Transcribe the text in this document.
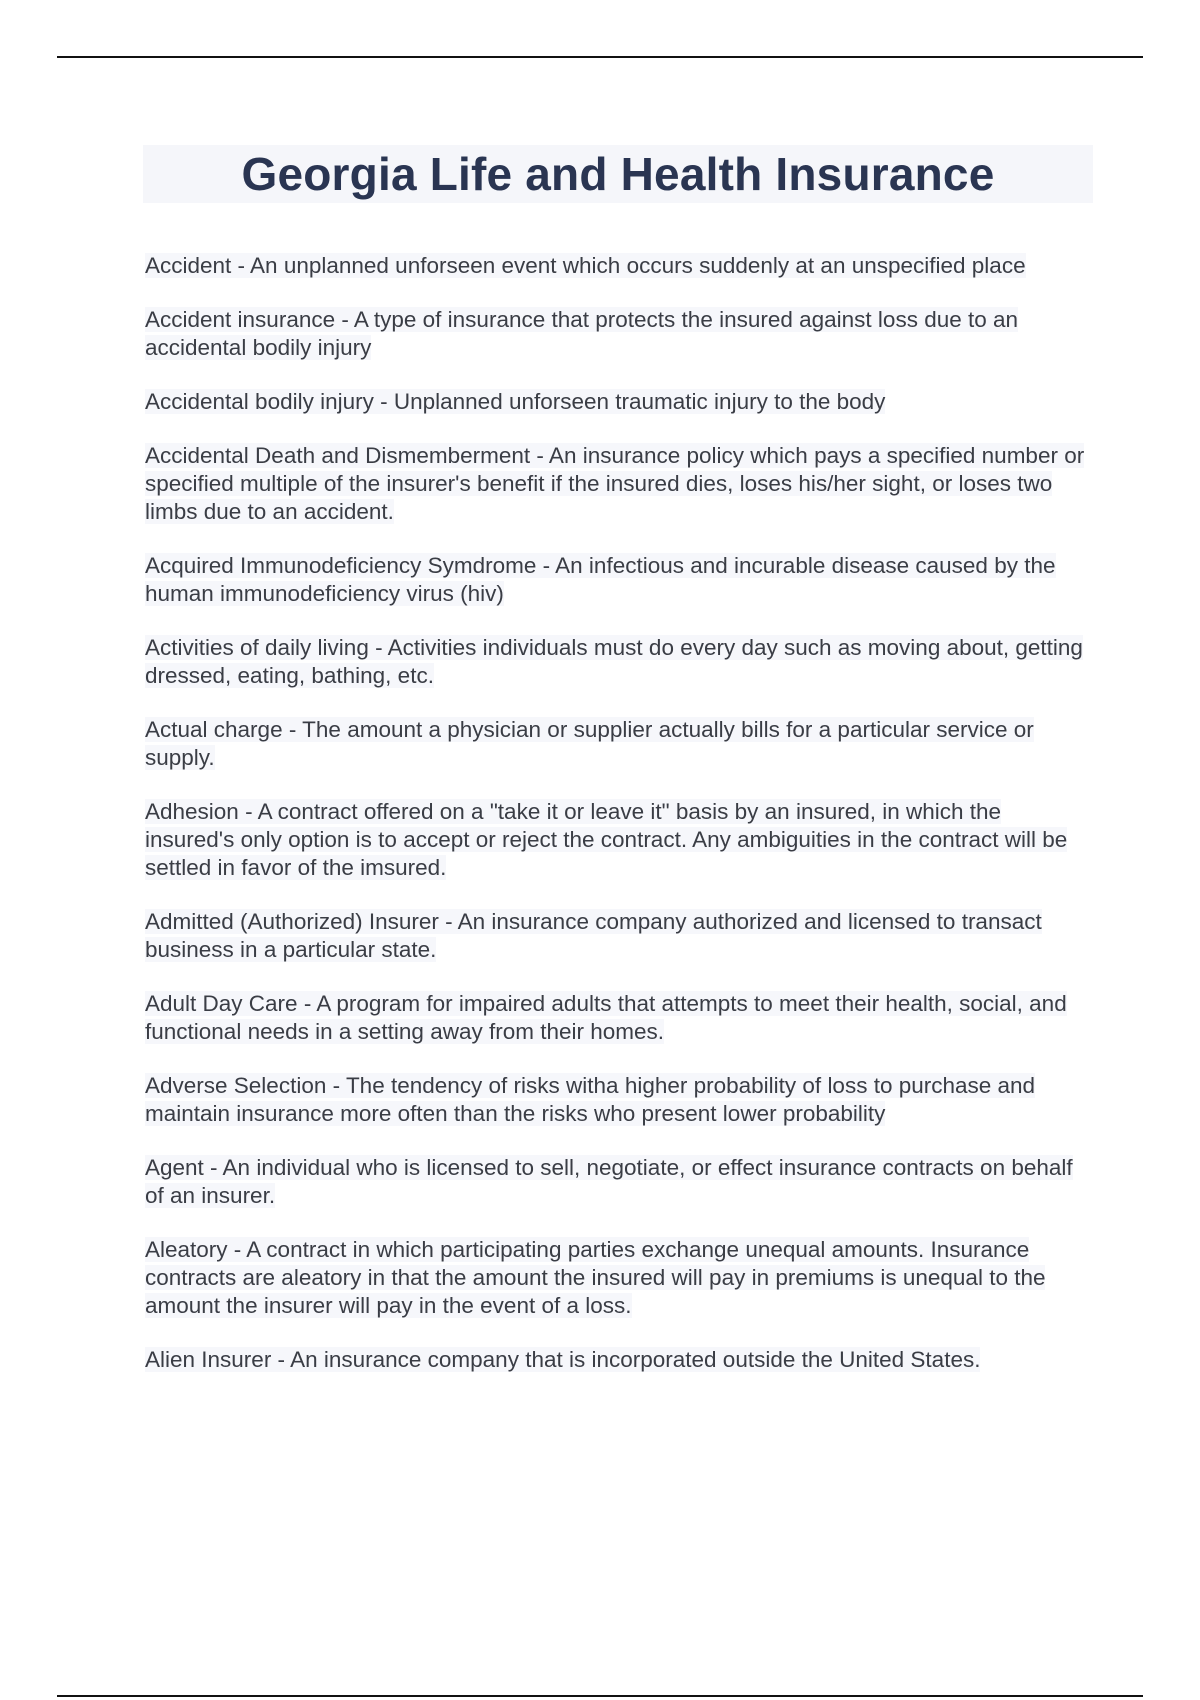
Georgia Life and Health Insurance

Accident - An unplanned unforseen event which occurs suddenly at an unspecified place

Accident insurance - A type of insurance that protects the insured against loss due to an accidental bodily injury

Accidental bodily injury - Unplanned unforseen traumatic injury to the body

Accidental Death and Dismemberment - An insurance policy which pays a specified number or specified multiple of the insurer's benefit if the insured dies, loses his/her sight, or loses two limbs due to an accident.

Acquired Immunodeficiency Symdrome - An infectious and incurable disease caused by the human immunodeficiency virus (hiv)

Activities of daily living - Activities individuals must do every day such as moving about, getting dressed, eating, bathing, etc.

Actual charge - The amount a physician or supplier actually bills for a particular service or supply.

Adhesion - A contract offered on a "take it or leave it" basis by an insured, in which the insured's only option is to accept or reject the contract. Any ambiguities in the contract will be settled in favor of the imsured.

Admitted (Authorized) Insurer - An insurance company authorized and licensed to transact business in a particular state.

Adult Day Care - A program for impaired adults that attempts to meet their health, social, and functional needs in a setting away from their homes.

Adverse Selection - The tendency of risks witha higher probability of loss to purchase and maintain insurance more often than the risks who present lower probability

Agent - An individual who is licensed to sell, negotiate, or effect insurance contracts on behalf of an insurer.

Aleatory - A contract in which participating parties exchange unequal amounts. Insurance contracts are aleatory in that the amount the insured will pay in premiums is unequal to the amount the insurer will pay in the event of a loss.

Alien Insurer - An insurance company that is incorporated outside the United States.
